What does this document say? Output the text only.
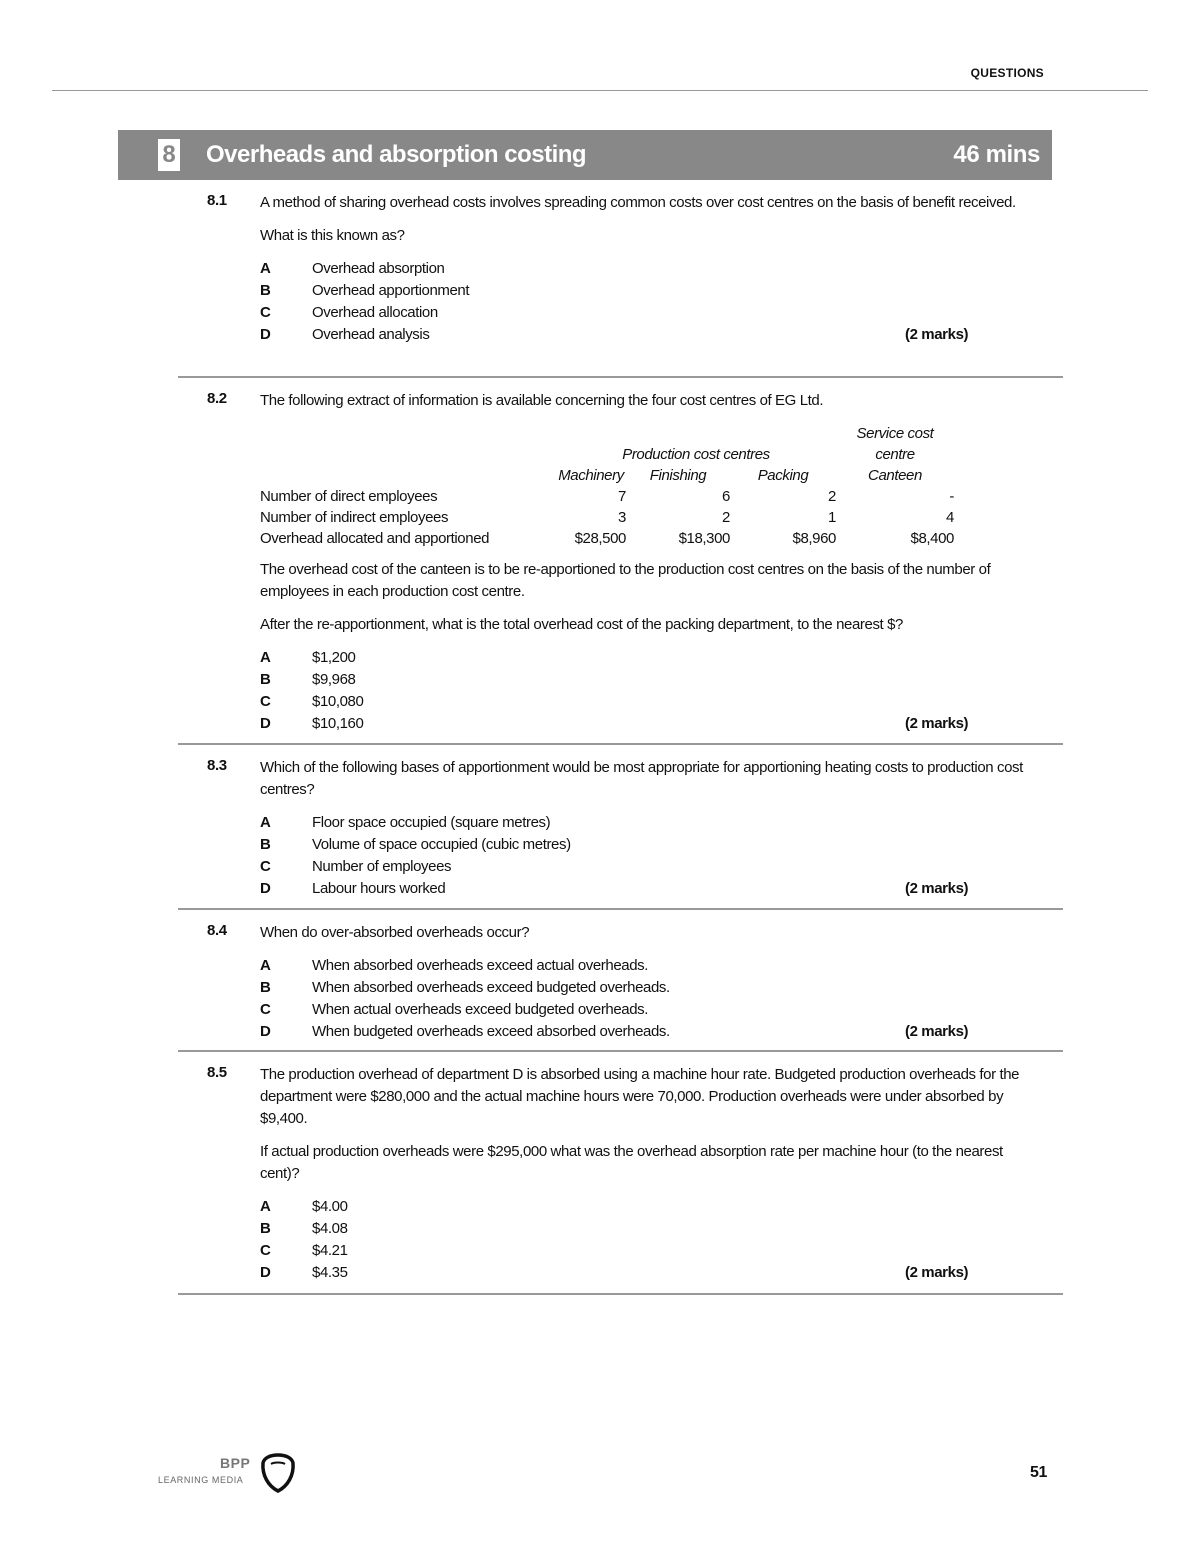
QUESTIONS
8 Overheads and absorption costing	46 mins
8.1 A method of sharing overhead costs involves spreading common costs over cost centres on the basis of benefit received.

What is this known as?

A	Overhead absorption
B	Overhead apportionment
C	Overhead allocation
D	Overhead analysis	(2 marks)
8.2 The following extract of information is available concerning the four cost centres of EG Ltd.

				Service cost
	Production cost centres			centre
	Machinery	Finishing	Packing	Canteen
Number of direct employees	7	6	2	-
Number of indirect employees	3	2	1	4
Overhead allocated and apportioned	$28,500	$18,300	$8,960	$8,400

The overhead cost of the canteen is to be re-apportioned to the production cost centres on the basis of the number of employees in each production cost centre.

After the re-apportionment, what is the total overhead cost of the packing department, to the nearest $?

A	$1,200
B	$9,968
C	$10,080
D	$10,160	(2 marks)
8.3 Which of the following bases of apportionment would be most appropriate for apportioning heating costs to production cost centres?

A	Floor space occupied (square metres)
B	Volume of space occupied (cubic metres)
C	Number of employees
D	Labour hours worked	(2 marks)
8.4 When do over-absorbed overheads occur?

A	When absorbed overheads exceed actual overheads.
B	When absorbed overheads exceed budgeted overheads.
C	When actual overheads exceed budgeted overheads.
D	When budgeted overheads exceed absorbed overheads.	(2 marks)
8.5 The production overhead of department D is absorbed using a machine hour rate. Budgeted production overheads for the department were $280,000 and the actual machine hours were 70,000. Production overheads were under absorbed by $9,400.

If actual production overheads were $295,000 what was the overhead absorption rate per machine hour (to the nearest cent)?

A	$4.00
B	$4.08
C	$4.21
D	$4.35	(2 marks)
BPP
LEARNING MEDIA	51
